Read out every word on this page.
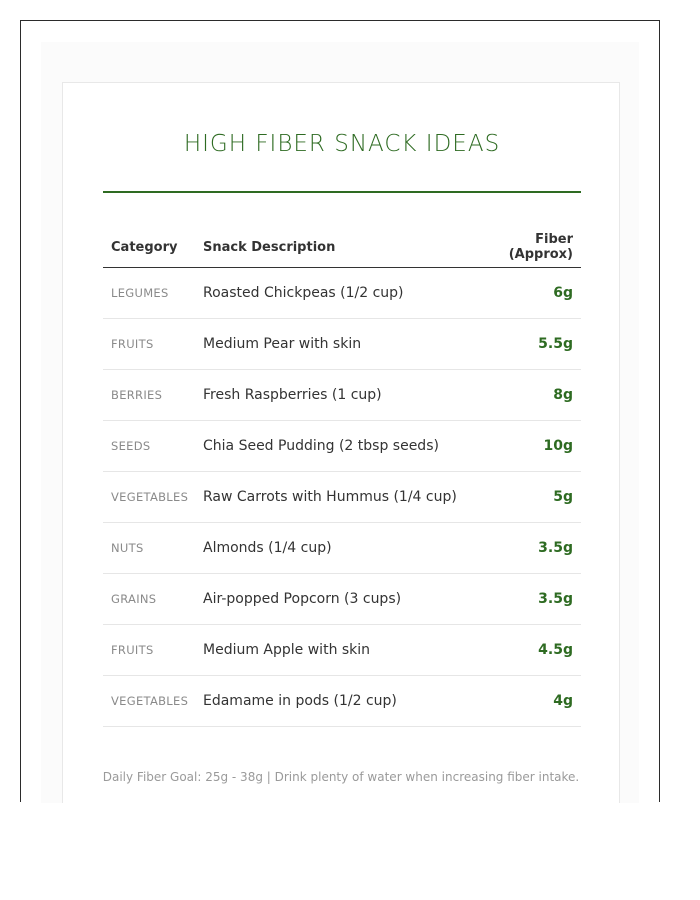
HIGH FIBER SNACK IDEAS
Category	Snack Description	Fiber (Approx)
LEGUMES	Roasted Chickpeas (1/2 cup)	6g
FRUITS	Medium Pear with skin	5.5g
BERRIES	Fresh Raspberries (1 cup)	8g
SEEDS	Chia Seed Pudding (2 tbsp seeds)	10g
VEGETABLES	Raw Carrots with Hummus (1/4 cup)	5g
NUTS	Almonds (1/4 cup)	3.5g
GRAINS	Air-popped Popcorn (3 cups)	3.5g
FRUITS	Medium Apple with skin	4.5g
VEGETABLES	Edamame in pods (1/2 cup)	4g
Daily Fiber Goal: 25g - 38g | Drink plenty of water when increasing fiber intake.
